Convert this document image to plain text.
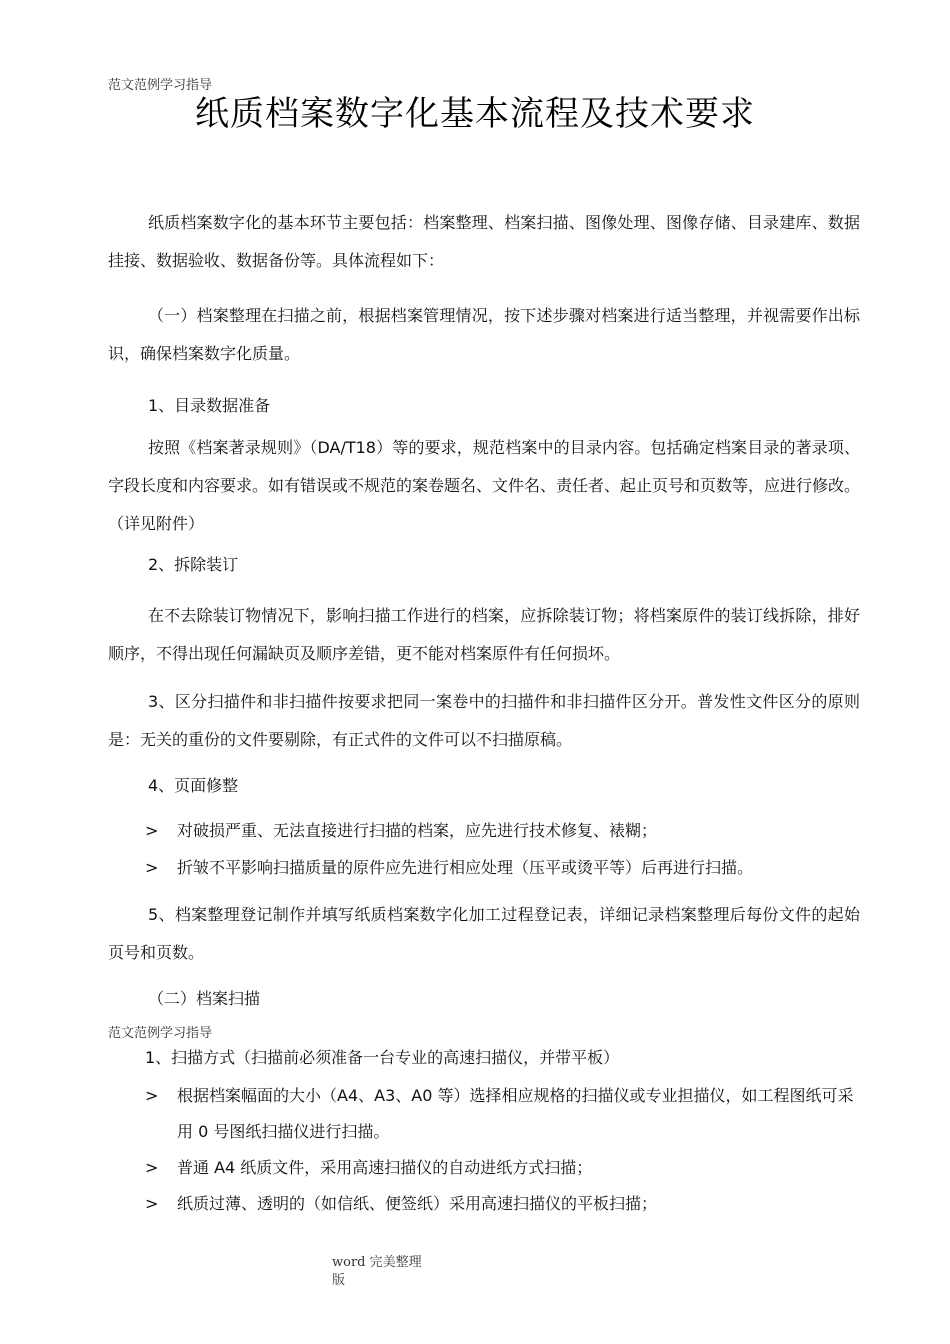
范文范例学习指导
纸质档案数字化基本流程及技术要求

纸质档案数字化的基本环节主要包括：档案整理、档案扫描、图像处理、图像存储、目录建库、数据挂接、数据验收、数据备份等。具体流程如下：

（一）档案整理在扫描之前，根据档案管理情况，按下述步骤对档案进行适当整理，并视需要作出标识，确保档案数字化质量。

1、目录数据准备

按照《档案著录规则》（DA/T18）等的要求，规范档案中的目录内容。包括确定档案目录的著录项、字段长度和内容要求。如有错误或不规范的案卷题名、文件名、责任者、起止页号和页数等，应进行修改。（详见附件）

2、拆除装订

在不去除装订物情况下，影响扫描工作进行的档案，应拆除装订物；将档案原件的装订线拆除，排好顺序，不得出现任何漏缺页及顺序差错，更不能对档案原件有任何损坏。

3、区分扫描件和非扫描件按要求把同一案卷中的扫描件和非扫描件区分开。普发性文件区分的原则是：无关的重份的文件要剔除，有正式件的文件可以不扫描原稿。

4、页面修整

>	对破损严重、无法直接进行扫描的档案，应先进行技术修复、裱糊；
>	折皱不平影响扫描质量的原件应先进行相应处理（压平或烫平等）后再进行扫描。

5、档案整理登记制作并填写纸质档案数字化加工过程登记表，详细记录档案整理后每份文件的起始页号和页数。

（二）档案扫描

范文范例学习指导

1、扫描方式（扫描前必须准备一台专业的高速扫描仪，并带平板）

>	根据档案幅面的大小（A4、A3、A0 等）选择相应规格的扫描仪或专业担描仪，如工程图纸可采用 0 号图纸扫描仪进行扫描。
>	普通 A4 纸质文件，采用高速扫描仪的自动进纸方式扫描；
>	纸质过薄、透明的（如信纸、便签纸）采用高速扫描仪的平板扫描；
word 完美整理版
